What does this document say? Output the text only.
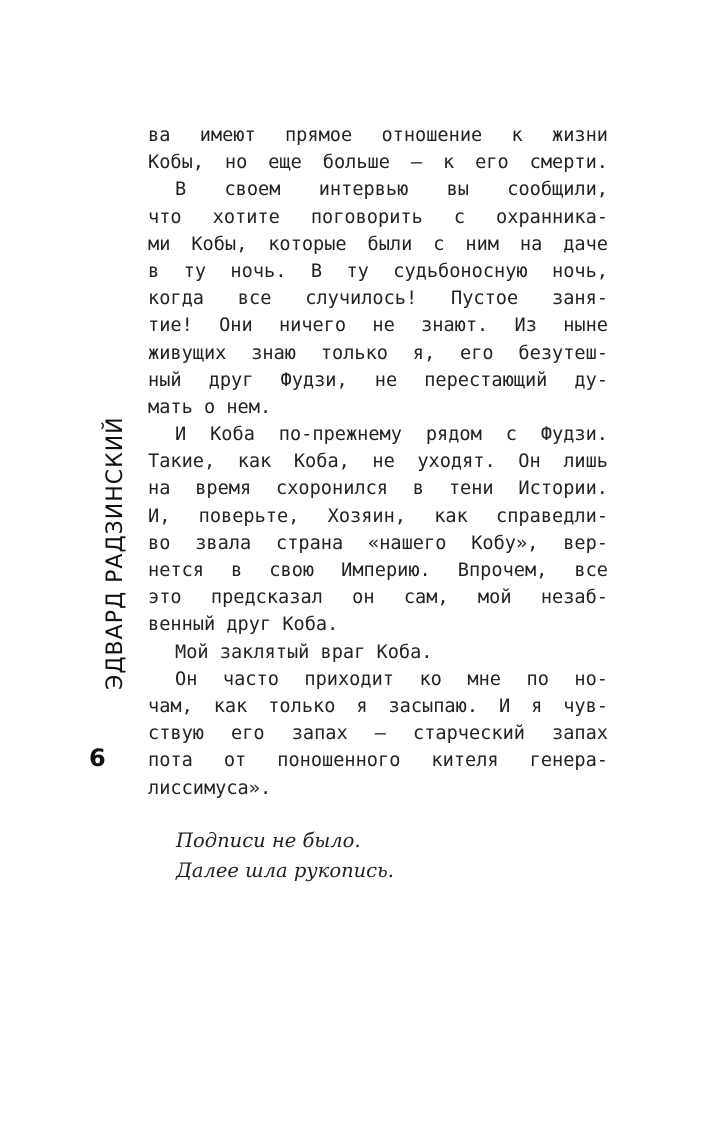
ЭДВАРД РАДЗИНСКИЙ
6
ва имеют прямое отношение к жизни
Кобы, но еще больше — к его смерти.
В своем интервью вы сообщили,
что хотите поговорить с охранника-
ми Кобы, которые были с ним на даче
в ту ночь. В ту судьбоносную ночь,
когда все случилось! Пустое заня-
тие! Они ничего не знают. Из ныне
живущих знаю только я, его безутеш-
ный друг Фудзи, не перестающий ду-
мать о нем.
И Коба по-прежнему рядом с Фудзи.
Такие, как Коба, не уходят. Он лишь
на время схоронился в тени Истории.
И, поверьте, Хозяин, как справедли-
во звала страна «нашего Кобу», вер-
нется в свою Империю. Впрочем, все
это предсказал он сам, мой незаб-
венный друг Коба.
Мой заклятый враг Коба.
Он часто приходит ко мне по но-
чам, как только я засыпаю. И я чув-
ствую его запах — старческий запах
пота от поношенного кителя генера-
лиссимуса».
Подписи не было.
Далее шла рукопись.
